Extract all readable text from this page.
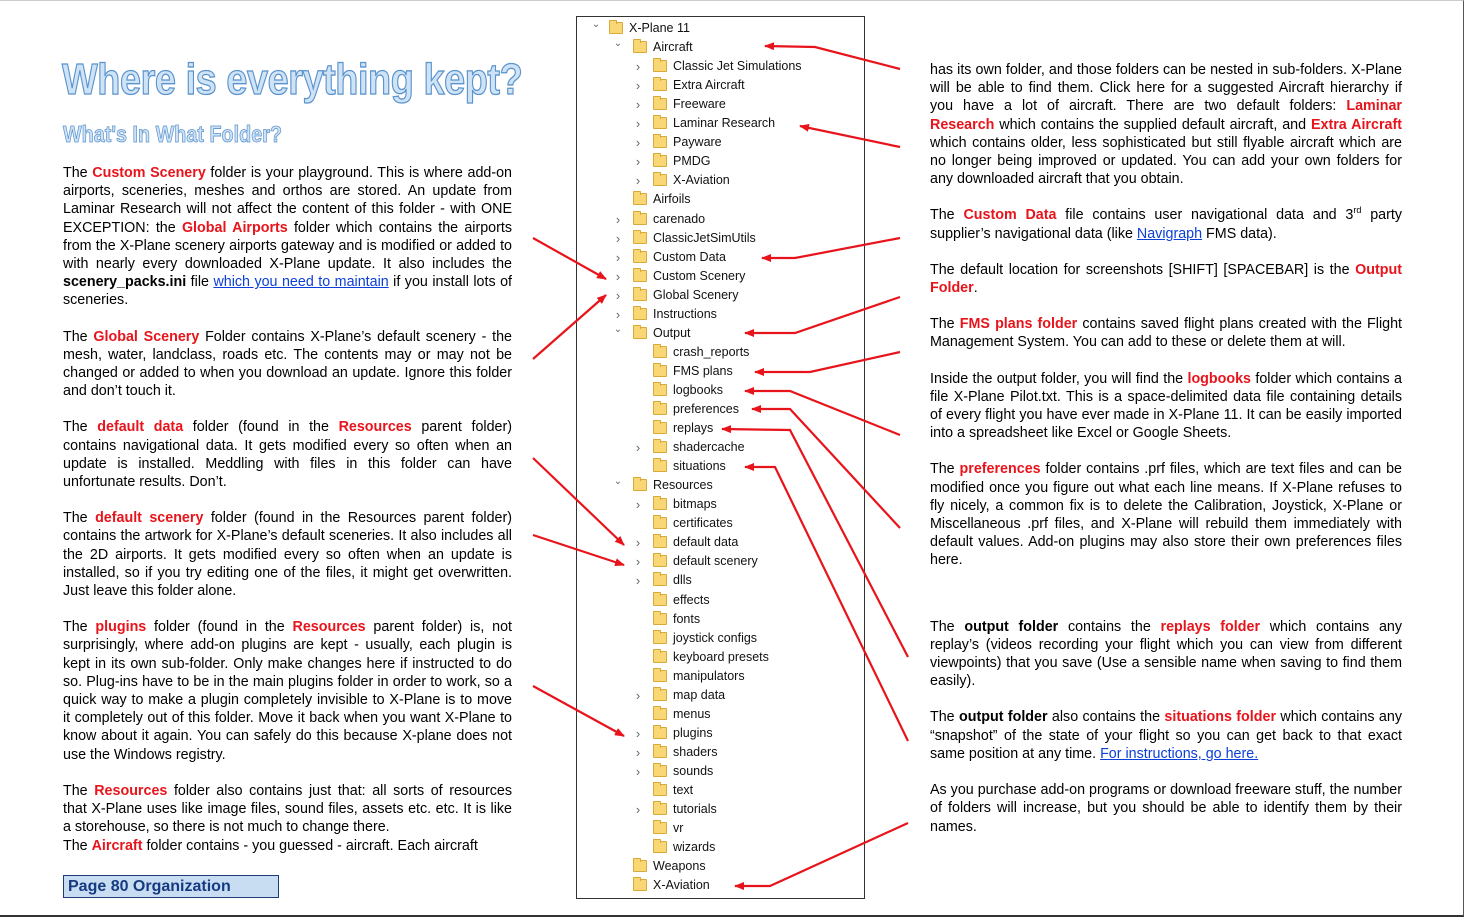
Where is everything kept?
What's In What Folder?

The Custom Scenery folder is your playground. This is where add-on airports, sceneries, meshes and orthos are stored. An update from Laminar Research will not affect the content of this folder - with ONE EXCEPTION: the Global Airports folder which contains the airports from the X-Plane scenery airports gateway and is modified or added to with nearly every downloaded X-Plane update. It also includes the scenery_packs.ini file which you need to maintain if you install lots of sceneries.

The Global Scenery Folder contains X-Plane’s default scenery - the mesh, water, landclass, roads etc. The contents may or may not be changed or added to when you download an update. Ignore this folder and don’t touch it.

The default data folder (found in the Resources parent folder) contains navigational data. It gets modified every so often when an update is installed. Meddling with files in this folder can have unfortunate results. Don’t.

The default scenery folder (found in the Resources parent folder) contains the artwork for X-Plane’s default sceneries. It also includes all the 2D airports. It gets modified every so often when an update is installed, so if you try editing one of the files, it might get overwritten. Just leave this folder alone.

The plugins folder (found in the Resources parent folder) is, not surprisingly, where add-on plugins are kept - usually, each plugin is kept in its own sub-folder. Only make changes here if instructed to do so. Plug-ins have to be in the main plugins folder in order to work, so a quick way to make a plugin completely invisible to X-Plane is to move it completely out of this folder. Move it back when you want X-Plane to know about it again. You can safely do this because X-plane does not use the Windows registry.

The Resources folder also contains just that: all sorts of resources that X-Plane uses like image files, sound files, assets etc. etc. It is like a storehouse, so there is not much to change there.

The Aircraft folder contains - you guessed - aircraft. Each aircraft

has its own folder, and those folders can be nested in sub-folders. X-Plane will be able to find them. Click here for a suggested Aircraft hierarchy if you have a lot of aircraft. There are two default folders: Laminar Research which contains the supplied default aircraft, and Extra Aircraft which contains older, less sophisticated but still flyable aircraft which are no longer being improved or updated. You can add your own folders for any downloaded aircraft that you obtain.

The Custom Data file contains user navigational data and 3rd party supplier’s navigational data (like Navigraph FMS data).

The default location for screenshots [SHIFT] [SPACEBAR] is the Output Folder.

The FMS plans folder contains saved flight plans created with the Flight Management System. You can add to these or delete them at will.

Inside the output folder, you will find the logbooks folder which contains a file X-Plane Pilot.txt. This is a space-delimited data file containing details of every flight you have ever made in X-Plane 11. It can be easily imported into a spreadsheet like Excel or Google Sheets.

The preferences folder contains .prf files, which are text files and can be modified once you figure out what each line means. If X-Plane refuses to fly nicely, a common fix is to delete the Calibration, Joystick, X-Plane or Miscellaneous .prf files, and X-Plane will rebuild them immediately with default values. Add-on plugins may also store their own preferences files here.

The output folder contains the replays folder which contains any replay’s (videos recording your flight which you can view from different viewpoints) that you save (Use a sensible name when saving to find them easily).

The output folder also contains the situations folder which contains any “snapshot” of the state of your flight so you can get back to that exact same position at any time. For instructions, go here.

As you purchase add-on programs or download freeware stuff, the number of folders will increase, but you should be able to identify them by their names.

⌄ X-Plane 11
⌄ Aircraft
›	Classic Jet Simulations
›	Extra Aircraft
›	Freeware
›	Laminar Research
›	Payware
›	PMDG
›	X-Aviation
Airfoils
›	carenado
›	ClassicJetSimUtils
›	Custom Data
›	Custom Scenery
›	Global Scenery
›	Instructions
⌄ Output
crash_reports
FMS plans
logbooks
preferences
replays
›	shadercache
situations
⌄ Resources
›	bitmaps
certificates
›	default data
›	default scenery
›	dlls
effects
fonts
joystick configs
keyboard presets
manipulators
›	map data
menus
›	plugins
›	shaders
›	sounds
text
›	tutorials
vr
wizards
Weapons
X-Aviation
Page 80 Organization
